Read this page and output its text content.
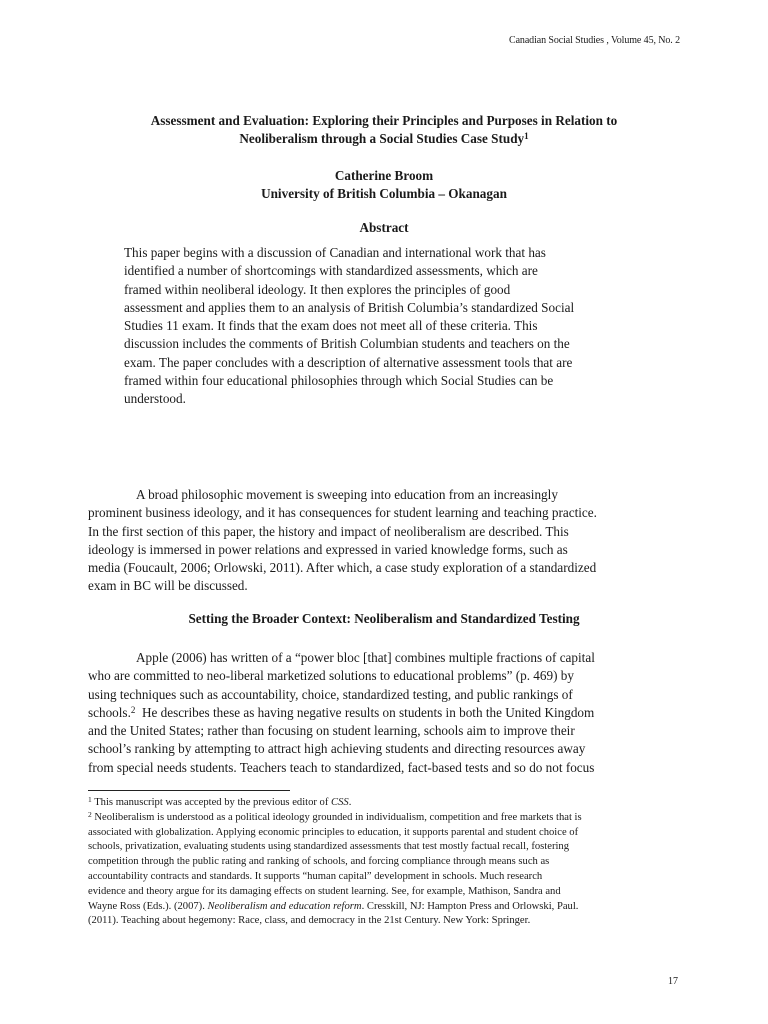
Canadian Social Studies , Volume 45, No. 2
Assessment and Evaluation: Exploring their Principles and Purposes in Relation to
Neoliberalism through a Social Studies Case Study$^1$
Catherine Broom
University of British Columbia – Okanagan
Abstract
This paper begins with a discussion of Canadian and international work that has
identified a number of shortcomings with standardized assessments, which are
framed within neoliberal ideology. It then explores the principles of good
assessment and applies them to an analysis of British Columbia’s standardized Social
Studies 11 exam. It finds that the exam does not meet all of these criteria. This
discussion includes the comments of British Columbian students and teachers on the
exam. The paper concludes with a description of alternative assessment tools that are
framed within four educational philosophies through which Social Studies can be
understood.
A broad philosophic movement is sweeping into education from an increasingly
prominent business ideology, and it has consequences for student learning and teaching practice.
In the first section of this paper, the history and impact of neoliberalism are described. This
ideology is immersed in power relations and expressed in varied knowledge forms, such as
media (Foucault, 2006; Orlowski, 2011). After which, a case study exploration of a standardized
exam in BC will be discussed.
Setting the Broader Context: Neoliberalism and Standardized Testing
Apple (2006) has written of a “power bloc [that] combines multiple fractions of capital
who are committed to neo-liberal marketized solutions to educational problems” (p. 469) by
using techniques such as accountability, choice, standardized testing, and public rankings of
schools.$^2$  He describes these as having negative results on students in both the United Kingdom
and the United States; rather than focusing on student learning, schools aim to improve their
school’s ranking by attempting to attract high achieving students and directing resources away
from special needs students. Teachers teach to standardized, fact-based tests and so do not focus
$^1$ This manuscript was accepted by the previous editor of CSS.
$^2$ Neoliberalism is understood as a political ideology grounded in individualism, competition and free markets that is
associated with globalization. Applying economic principles to education, it supports parental and student choice of
schools, privatization, evaluating students using standardized assessments that test mostly factual recall, fostering
competition through the public rating and ranking of schools, and forcing compliance through means such as
accountability contracts and standards. It supports “human capital” development in schools. Much research
evidence and theory argue for its damaging effects on student learning. See, for example, Mathison, Sandra and
Wayne Ross (Eds.). (2007). Neoliberalism and education reform. Cresskill, NJ: Hampton Press and Orlowski, Paul.
(2011). Teaching about hegemony: Race, class, and democracy in the 21st Century. New York: Springer.
17
